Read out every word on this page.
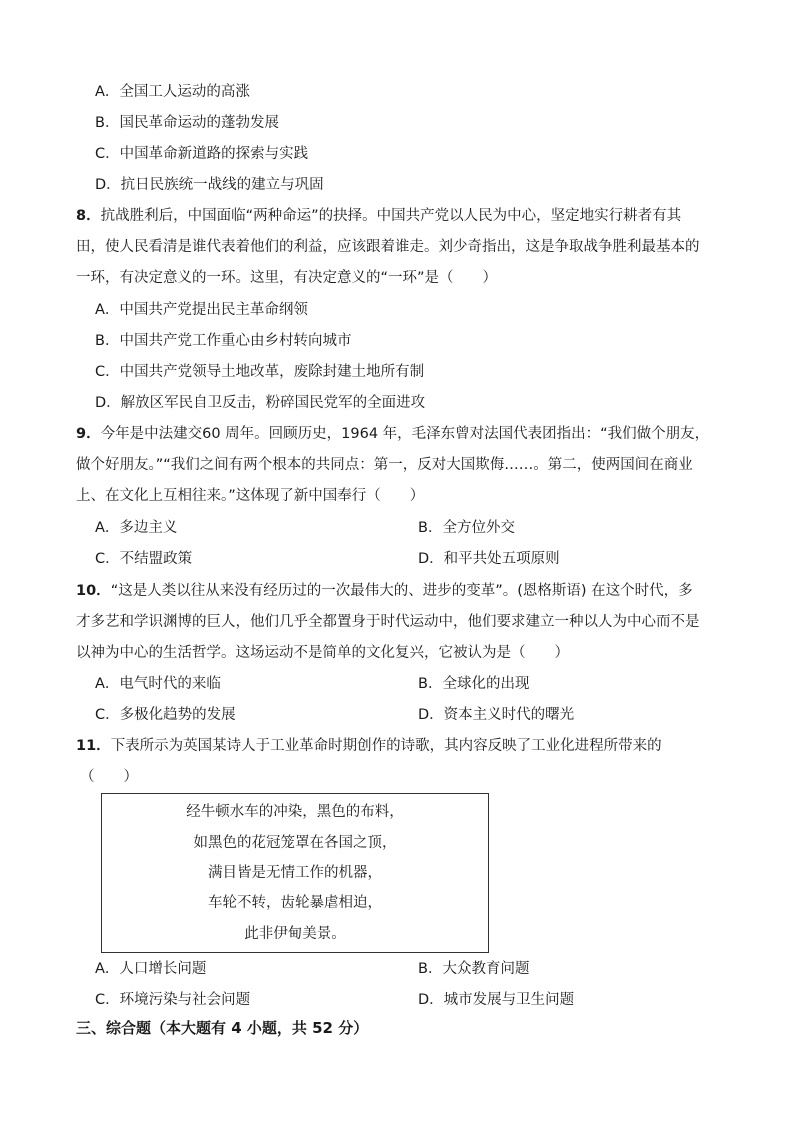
A．全国工人运动的高涨
B．国民革命运动的蓬勃发展
C．中国革命新道路的探索与实践
D．抗日民族统一战线的建立与巩固
8．抗战胜利后，中国面临“两种命运”的抉择。中国共产党以人民为中心，坚定地实行耕者有其
田，使人民看清是谁代表着他们的利益，应该跟着谁走。刘少奇指出，这是争取战争胜利最基本的
一环，有决定意义的一环。这里，有决定意义的“一环”是（　　）
A．中国共产党提出民主革命纲领
B．中国共产党工作重心由乡村转向城市
C．中国共产党领导土地改革，废除封建土地所有制
D．解放区军民自卫反击，粉碎国民党军的全面进攻
9．今年是中法建交60 周年。回顾历史，1964 年，毛泽东曾对法国代表团指出：“我们做个朋友，
做个好朋友。”“我们之间有两个根本的共同点：第一，反对大国欺侮……。第二，使两国间在商业
上、在文化上互相往来。”这体现了新中国奉行（　　）
A．多边主义	B．全方位外交
C．不结盟政策	D．和平共处五项原则
10．“这是人类以往从来没有经历过的一次最伟大的、进步的变革”。(恩格斯语) 在这个时代，多
才多艺和学识渊博的巨人，他们几乎全都置身于时代运动中，他们要求建立一种以人为中心而不是
以神为中心的生活哲学。这场运动不是简单的文化复兴，它被认为是（　　）
A．电气时代的来临	B．全球化的出现
C．多极化趋势的发展	D．资本主义时代的曙光
11．下表所示为英国某诗人于工业革命时期创作的诗歌，其内容反映了工业化进程所带来的
（　　）
经牛顿水车的冲染，黑色的布料，
如黑色的花冠笼罩在各国之顶，
满目皆是无情工作的机器，
车轮不转，齿轮暴虐相迫，
此非伊甸美景。
A．人口增长问题	B．大众教育问题
C．环境污染与社会问题	D．城市发展与卫生问题
三、综合题（本大题有 4 小题，共 52 分）
